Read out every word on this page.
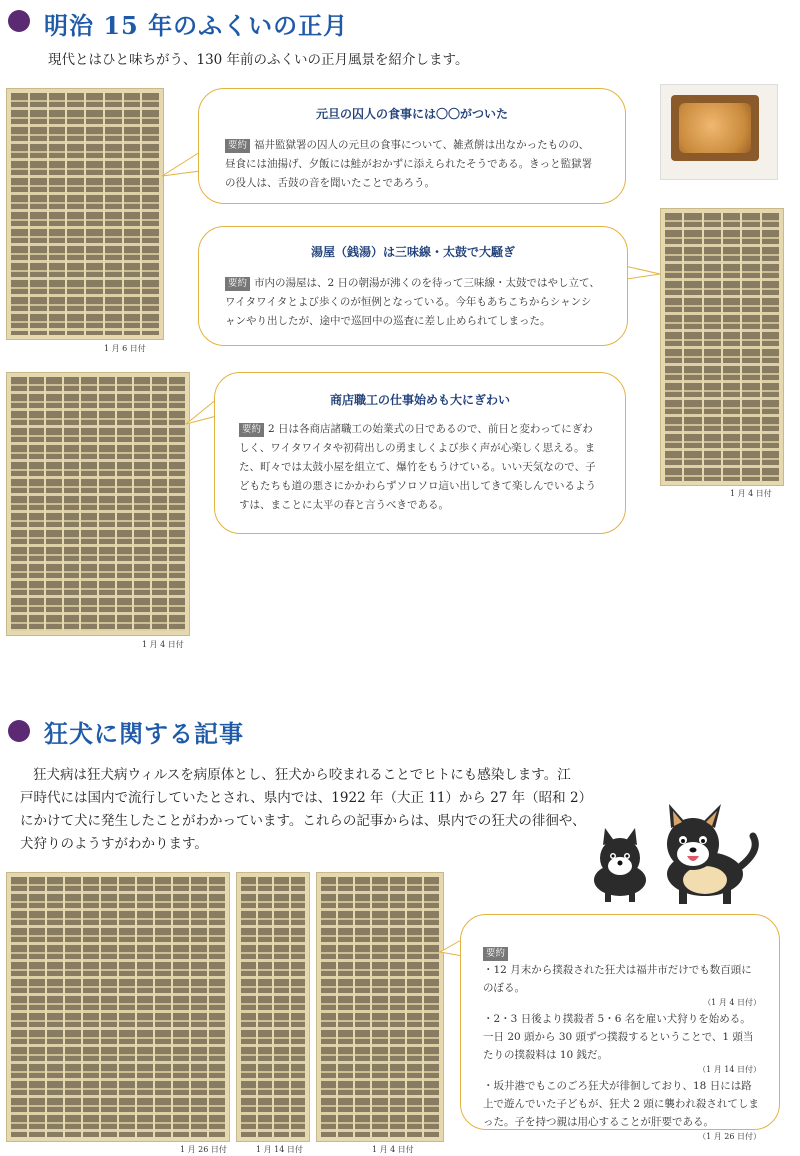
明治 15 年のふくいの正月
現代とはひと味ちがう、130 年前のふくいの正月風景を紹介します。
1 月 6 日付
元旦の囚人の食事には〇〇がついた
要約 福井監獄署の囚人の元旦の食事について、雑煮餅は出なかったものの、昼食には油揚げ、夕飯には鮭がおかずに添えられたそうである。きっと監獄署の役人は、舌鼓の音を聞いたことであろう。
1 月 4 日付
湯屋（銭湯）は三味線・太鼓で大騒ぎ
要約 市内の湯屋は、2 日の朝湯が沸くのを待って三味線・太鼓ではやし立て、ワイタワイタとよび歩くのが恒例となっている。今年もあちこちからシャンシャンやり出したが、途中で巡回中の巡査に差し止められてしまった。
1 月 4 日付
商店職工の仕事始めも大にぎわい
要約 2 日は各商店諸職工の始業式の日であるので、前日と変わってにぎわしく、ワイタワイタや初荷出しの勇ましくよび歩く声が心楽しく思える。また、町々では太鼓小屋を組立て、爆竹をもうけている。いい天気なので、子どもたちも道の悪さにかかわらずソロソロ這い出してきて楽しんでいるようすは、まことに太平の春と言うべきである。
狂犬に関する記事
狂犬病は狂犬病ウィルスを病原体とし、狂犬から咬まれることでヒトにも感染します。江
戸時代には国内で流行していたとされ、県内では、1922 年（大正 11）から 27 年（昭和 2）
にかけて犬に発生したことがわかっています。これらの記事からは、県内での狂犬の徘徊や、
犬狩りのようすがわかります。
1 月 26 日付	1 月 14 日付	1 月 4 日付
要約
・12 月末から撲殺された狂犬は福井市だけでも数百頭にのぼる。
（1 月 4 日付）
・2・3 日後より撲殺者 5・6 名を雇い犬狩りを始める。一日 20 頭から 30 頭ずつ撲殺するということで、1 頭当たりの撲殺料は 10 銭だ。
（1 月 14 日付）
・坂井港でもこのごろ狂犬が徘徊しており、18 日には路上で遊んでいた子どもが、狂犬 2 頭に襲われ殺されてしまった。子を持つ親は用心することが肝要である。
（1 月 26 日付）
